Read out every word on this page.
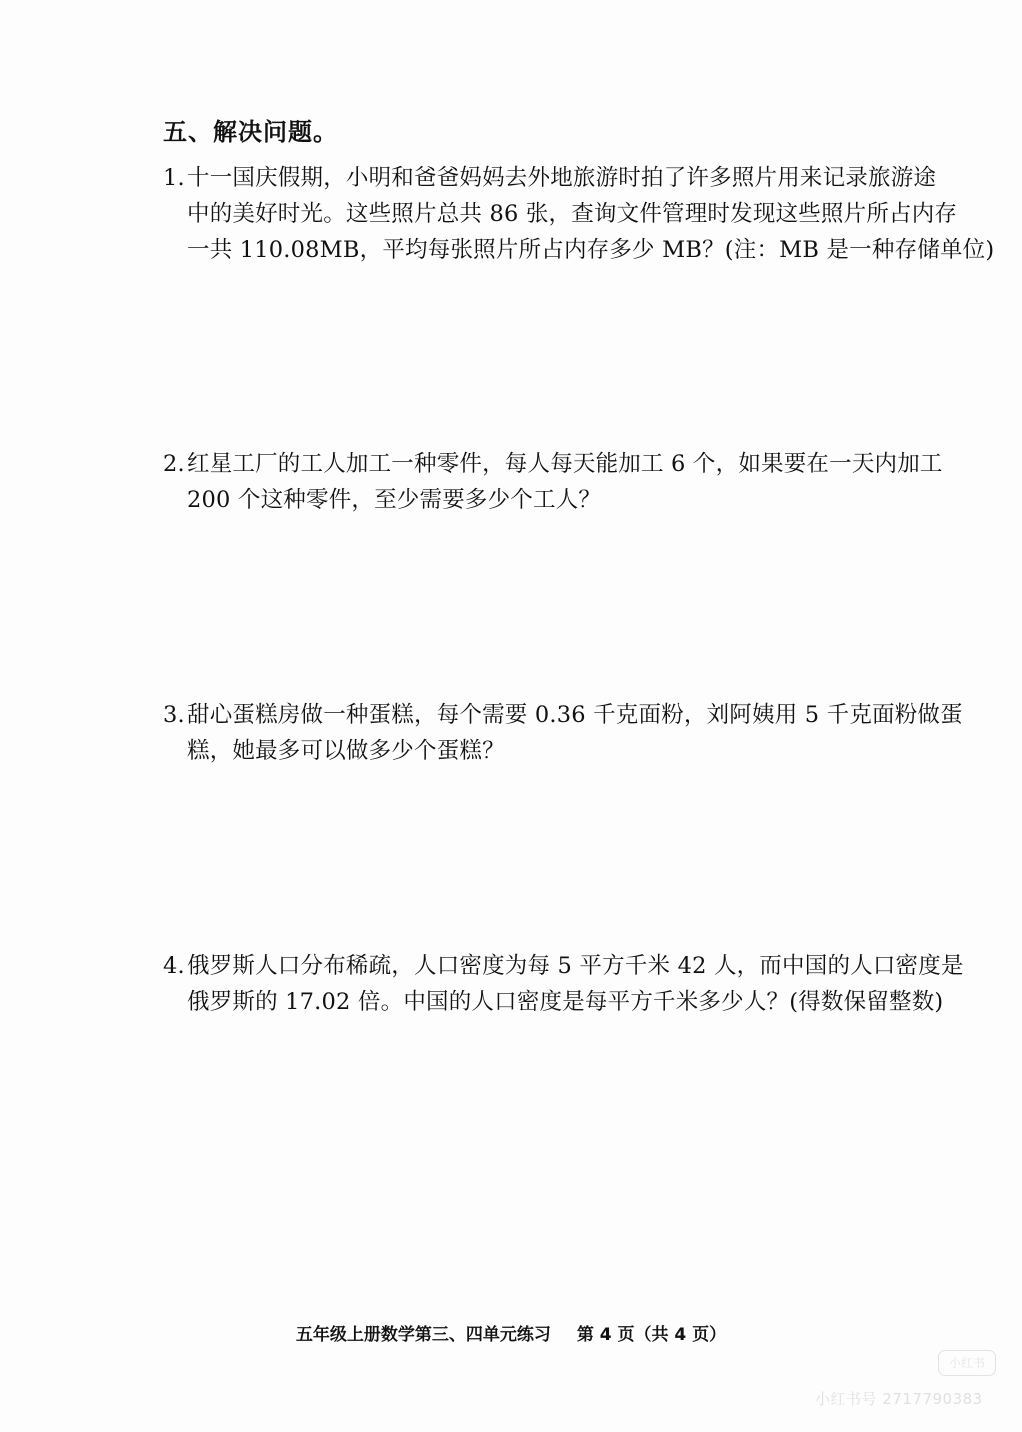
五、解决问题。
1.十一国庆假期，小明和爸爸妈妈去外地旅游时拍了许多照片用来记录旅游途
中的美好时光。这些照片总共 86 张，查询文件管理时发现这些照片所占内存
一共 110.08MB，平均每张照片所占内存多少 MB？(注：MB 是一种存储单位)
2.红星工厂的工人加工一种零件，每人每天能加工 6 个，如果要在一天内加工
200 个这种零件，至少需要多少个工人？
3.甜心蛋糕房做一种蛋糕，每个需要 0.36 千克面粉，刘阿姨用 5 千克面粉做蛋
糕，她最多可以做多少个蛋糕？
4.俄罗斯人口分布稀疏，人口密度为每 5 平方千米 42 人，而中国的人口密度是
俄罗斯的 17.02 倍。中国的人口密度是每平方千米多少人？(得数保留整数)
五年级上册数学第三、四单元练习 第 4 页（共 4 页）
小红书
小红书号 2717790383
